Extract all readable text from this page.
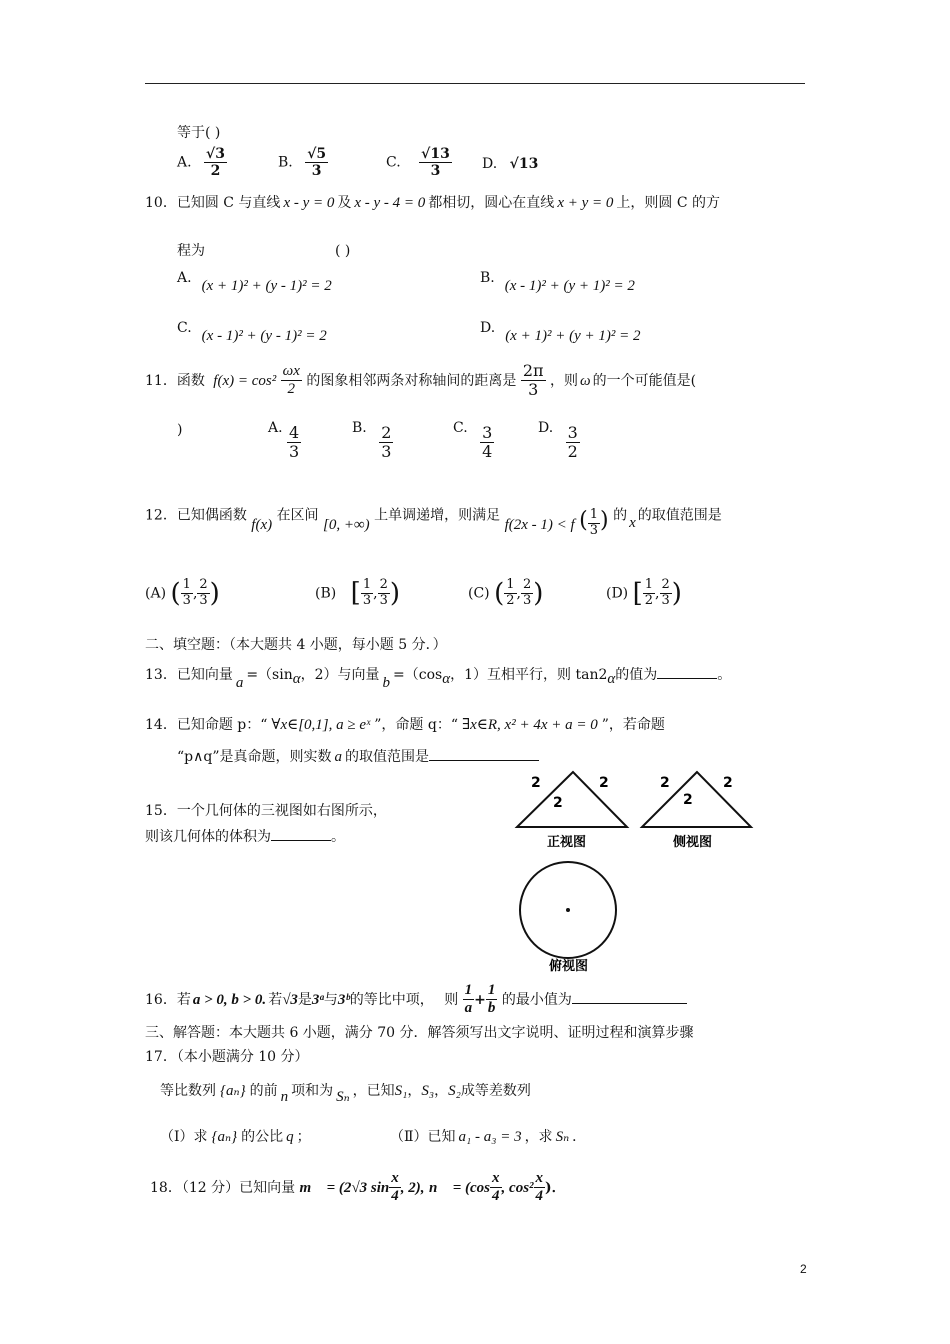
等于( )
A. $\frac{√3}{2}$	B. $\frac{√5}{3}$	C. $\frac{√13}{3} D$. √13
10．已知圆 C 与直线 x - y = 0 及 x - y - 4 = 0 都相切，圆心在直线 x + y = 0 上，则圆 C 的方
程为	( )
A. (x + 1)² + (y - 1)² = 2	B. (x - 1)² + (y + 1)² = 2
C. (x - 1)² + (y - 1)² = 2	D. (x + 1)² + (y + 1)² = 2
11．函数 $f(x) = \cos^2 \frac{\omega x}{2}$ 的图象相邻两条对称轴间的距离是 $\frac{2\pi}{3}$ ，则 ω 的一个可能值是(
)	A. $\frac{4}{3}$	B. $\frac{2}{3}$	C. $\frac{3}{4}$	D. $\frac{3}{2}$
12．已知偶函数 f(x) 在区间 [0, +∞) 上单调递增，则满足 f(2x - 1) < f ( $\frac{1}{3}$ ) 的 x 的取值范围是
(A) ( $\frac{1}{3}$ , $\frac{2}{3}$ )	(B) [ $\frac{1}{3}$ , $\frac{2}{3}$ )	(C) ( $\frac{1}{2}$ , $\frac{2}{3}$ )	(D) [ $\frac{1}{2}$ , $\frac{2}{3}$ )
二、填空题：（本大题共 4 小题，每小题 5 分．）
13．已知向量 a =（sinα，2）与向量 b =（cosα，1）互相平行，则 tan2α的值为	。
14．已知命题 p：“ ∀x∈[0,1], a ≥ eˣ ”，命题 q：“ ∃x∈R, x² + 4x + a = 0 ”，若命题
“p∧q”是真命题，则实数 a 的取值范围是
15．一个几何体的三视图如右图所示，
则该几何体的体积为	。
2	2
2
正视图
2	2
2
侧视图
俯视图
16．若 a > 0, b > 0. 若√3是3ᵃ与3ᵇ的等比中项， 则 $\frac{1}{a} + \frac{1}{b}$ 的最小值为
三、解答题：本大题共 6 小题，满分 70 分．解答须写出文字说明、证明过程和演算步骤
17．（本小题满分 10 分）
等比数列 {aₙ} 的前 n 项和为 Sₙ ，已知S₁，S₃，S₂成等差数列
（Ⅰ）求 {aₙ} 的公比 q ；	（Ⅱ）已知 a₁ - a₃ = 3 ，求 Sₙ ．
18．（12 分）已知向量 m⃗ = (2√3 $\sin \frac{x}{4}$ , 2), n⃗ = ($\cos \frac{x}{4}$ , $\cos^2 \frac{x}{4}$ )．
2
